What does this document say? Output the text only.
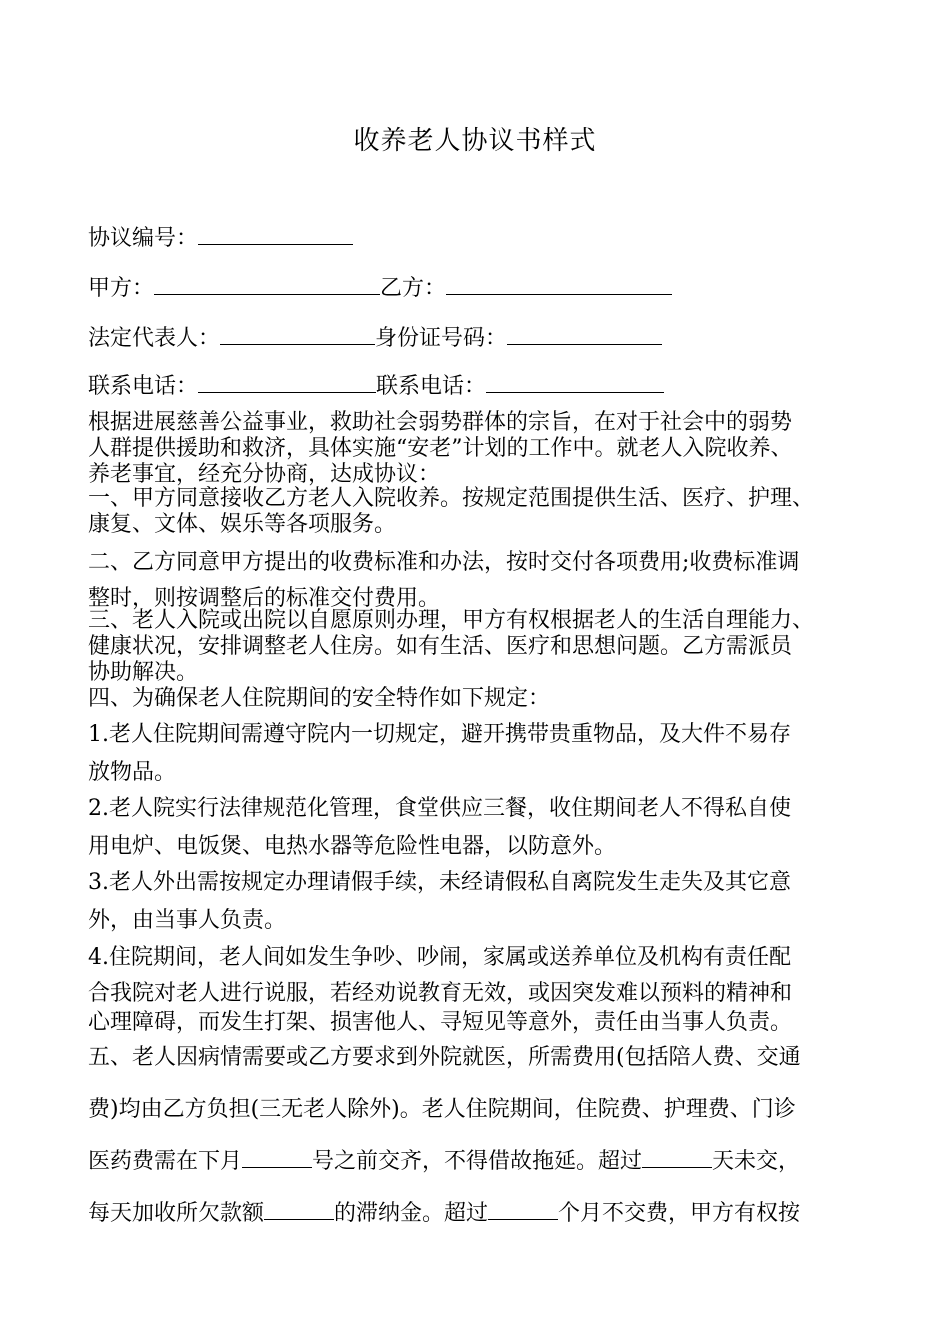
收养老人协议书样式
协议编号：
甲方：	乙方：
法定代表人：	身份证号码：
联系电话：	联系电话：
根据进展慈善公益事业，救助社会弱势群体的宗旨，在对于社会中的弱势
人群提供援助和救济，具体实施“安老”计划的工作中。就老人入院收养、
养老事宜，经充分协商，达成协议：
一、甲方同意接收乙方老人入院收养。按规定范围提供生活、医疗、护理、
康复、文体、娱乐等各项服务。
二、乙方同意甲方提出的收费标准和办法，按时交付各项费用;收费标准调
整时，则按调整后的标准交付费用。
三、老人入院或出院以自愿原则办理，甲方有权根据老人的生活自理能力、
健康状况，安排调整老人住房。如有生活、医疗和思想问题。乙方需派员
协助解决。
四、为确保老人住院期间的安全特作如下规定：
1.老人住院期间需遵守院内一切规定，避开携带贵重物品，及大件不易存
放物品。
2.老人院实行法律规范化管理，食堂供应三餐，收住期间老人不得私自使
用电炉、电饭煲、电热水器等危险性电器，以防意外。
3.老人外出需按规定办理请假手续，未经请假私自离院发生走失及其它意
外，由当事人负责。
4.住院期间，老人间如发生争吵、吵闹，家属或送养单位及机构有责任配
合我院对老人进行说服，若经劝说教育无效，或因突发难以预料的精神和
心理障碍，而发生打架、损害他人、寻短见等意外，责任由当事人负责。
五、老人因病情需要或乙方要求到外院就医，所需费用(包括陪人费、交通
费)均由乙方负担(三无老人除外)。老人住院期间，住院费、护理费、门诊
医药费需在下月	号之前交齐，不得借故拖延。超过	天未交，
每天加收所欠款额	的滞纳金。超过	个月不交费，甲方有权按
